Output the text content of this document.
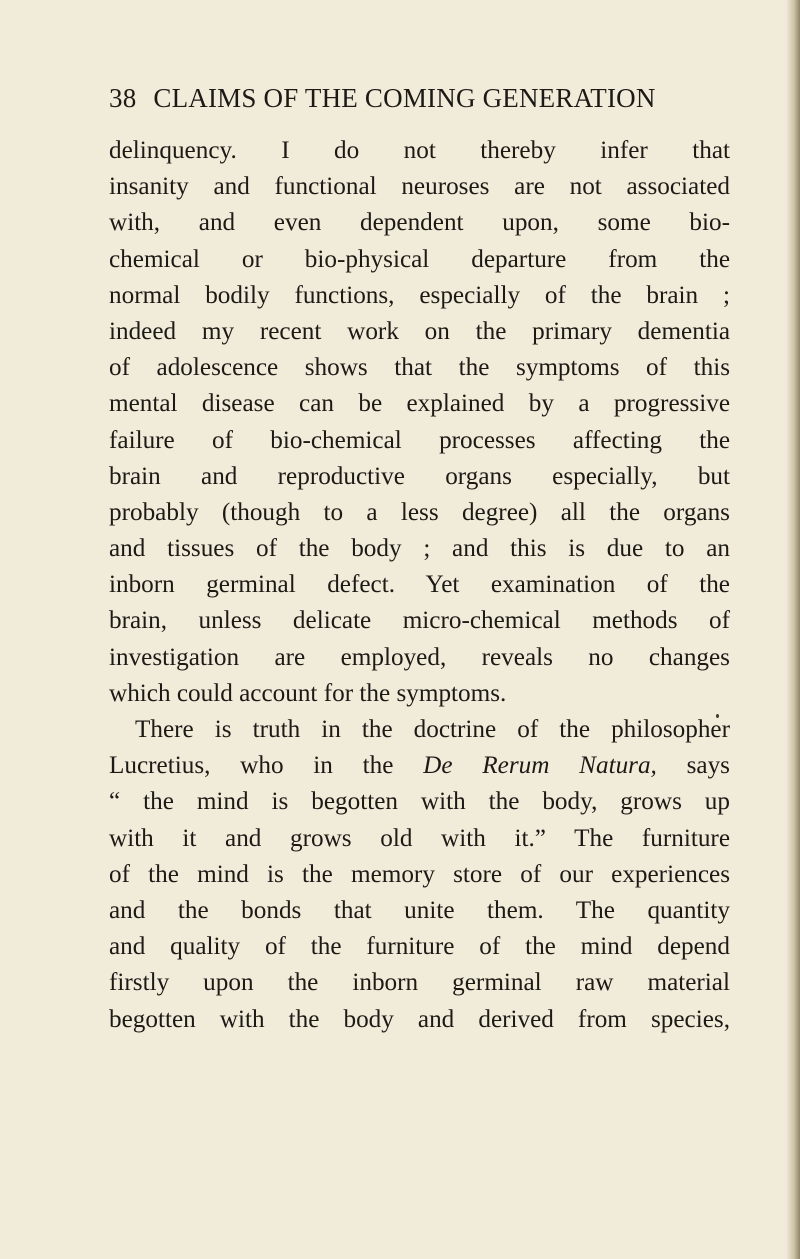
38 CLAIMS OF THE COMING GENERATION
delinquency. I do not thereby infer that
insanity and functional neuroses are not associated
with, and even dependent upon, some bio-
chemical or bio-physical departure from the
normal bodily functions, especially of the brain ;
indeed my recent work on the primary dementia
of adolescence shows that the symptoms of this
mental disease can be explained by a progressive
failure of bio-chemical processes affecting the
brain and reproductive organs especially, but
probably (though to a less degree) all the organs
and tissues of the body ; and this is due to an
inborn germinal defect. Yet examination of the
brain, unless delicate micro-chemical methods of
investigation are employed, reveals no changes
which could account for the symptoms.
There is truth in the doctrine of the philosopher
Lucretius, who in the De Rerum Natura, says
“ the mind is begotten with the body, grows up
with it and grows old with it.” The furniture
of the mind is the memory store of our experiences
and the bonds that unite them. The quantity
and quality of the furniture of the mind depend
firstly upon the inborn germinal raw material
begotten with the body and derived from species,
